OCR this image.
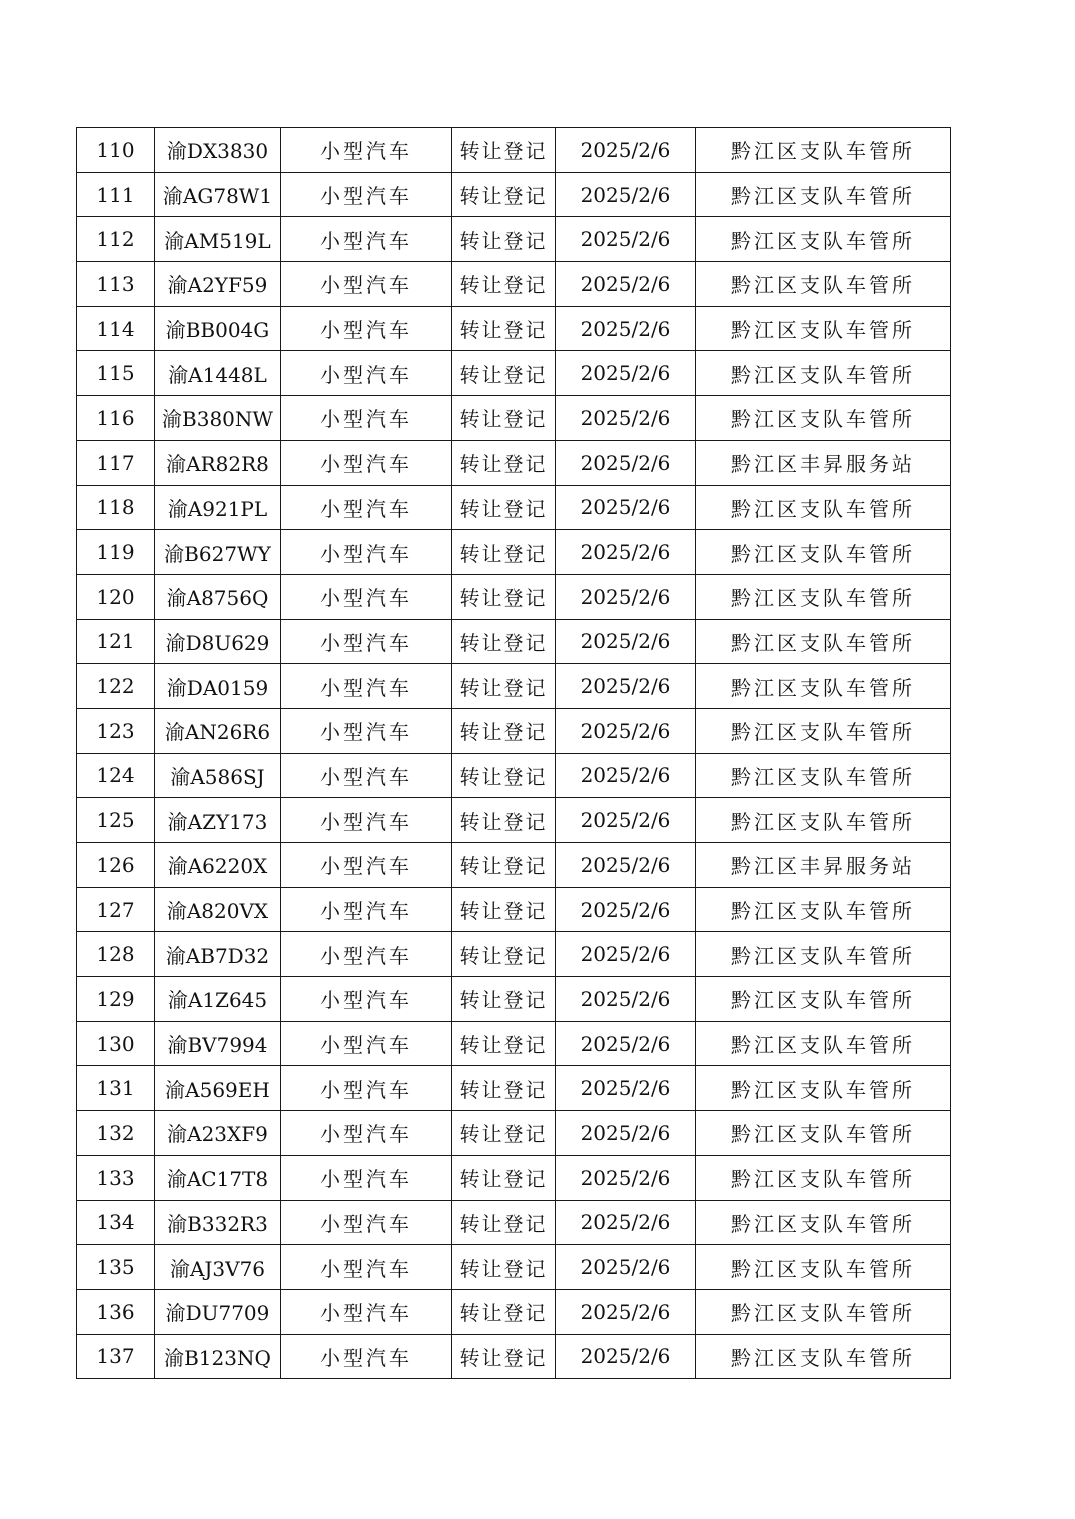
110	渝DX3830	小型汽车	转让登记	2025/2/6	黔江区支队车管所
111	渝AG78W1	小型汽车	转让登记	2025/2/6	黔江区支队车管所
112	渝AM519L	小型汽车	转让登记	2025/2/6	黔江区支队车管所
113	渝A2YF59	小型汽车	转让登记	2025/2/6	黔江区支队车管所
114	渝BB004G	小型汽车	转让登记	2025/2/6	黔江区支队车管所
115	渝A1448L	小型汽车	转让登记	2025/2/6	黔江区支队车管所
116	渝B380NW	小型汽车	转让登记	2025/2/6	黔江区支队车管所
117	渝AR82R8	小型汽车	转让登记	2025/2/6	黔江区丰昇服务站
118	渝A921PL	小型汽车	转让登记	2025/2/6	黔江区支队车管所
119	渝B627WY	小型汽车	转让登记	2025/2/6	黔江区支队车管所
120	渝A8756Q	小型汽车	转让登记	2025/2/6	黔江区支队车管所
121	渝D8U629	小型汽车	转让登记	2025/2/6	黔江区支队车管所
122	渝DA0159	小型汽车	转让登记	2025/2/6	黔江区支队车管所
123	渝AN26R6	小型汽车	转让登记	2025/2/6	黔江区支队车管所
124	渝A586SJ	小型汽车	转让登记	2025/2/6	黔江区支队车管所
125	渝AZY173	小型汽车	转让登记	2025/2/6	黔江区支队车管所
126	渝A6220X	小型汽车	转让登记	2025/2/6	黔江区丰昇服务站
127	渝A820VX	小型汽车	转让登记	2025/2/6	黔江区支队车管所
128	渝AB7D32	小型汽车	转让登记	2025/2/6	黔江区支队车管所
129	渝A1Z645	小型汽车	转让登记	2025/2/6	黔江区支队车管所
130	渝BV7994	小型汽车	转让登记	2025/2/6	黔江区支队车管所
131	渝A569EH	小型汽车	转让登记	2025/2/6	黔江区支队车管所
132	渝A23XF9	小型汽车	转让登记	2025/2/6	黔江区支队车管所
133	渝AC17T8	小型汽车	转让登记	2025/2/6	黔江区支队车管所
134	渝B332R3	小型汽车	转让登记	2025/2/6	黔江区支队车管所
135	渝AJ3V76	小型汽车	转让登记	2025/2/6	黔江区支队车管所
136	渝DU7709	小型汽车	转让登记	2025/2/6	黔江区支队车管所
137	渝B123NQ	小型汽车	转让登记	2025/2/6	黔江区支队车管所
